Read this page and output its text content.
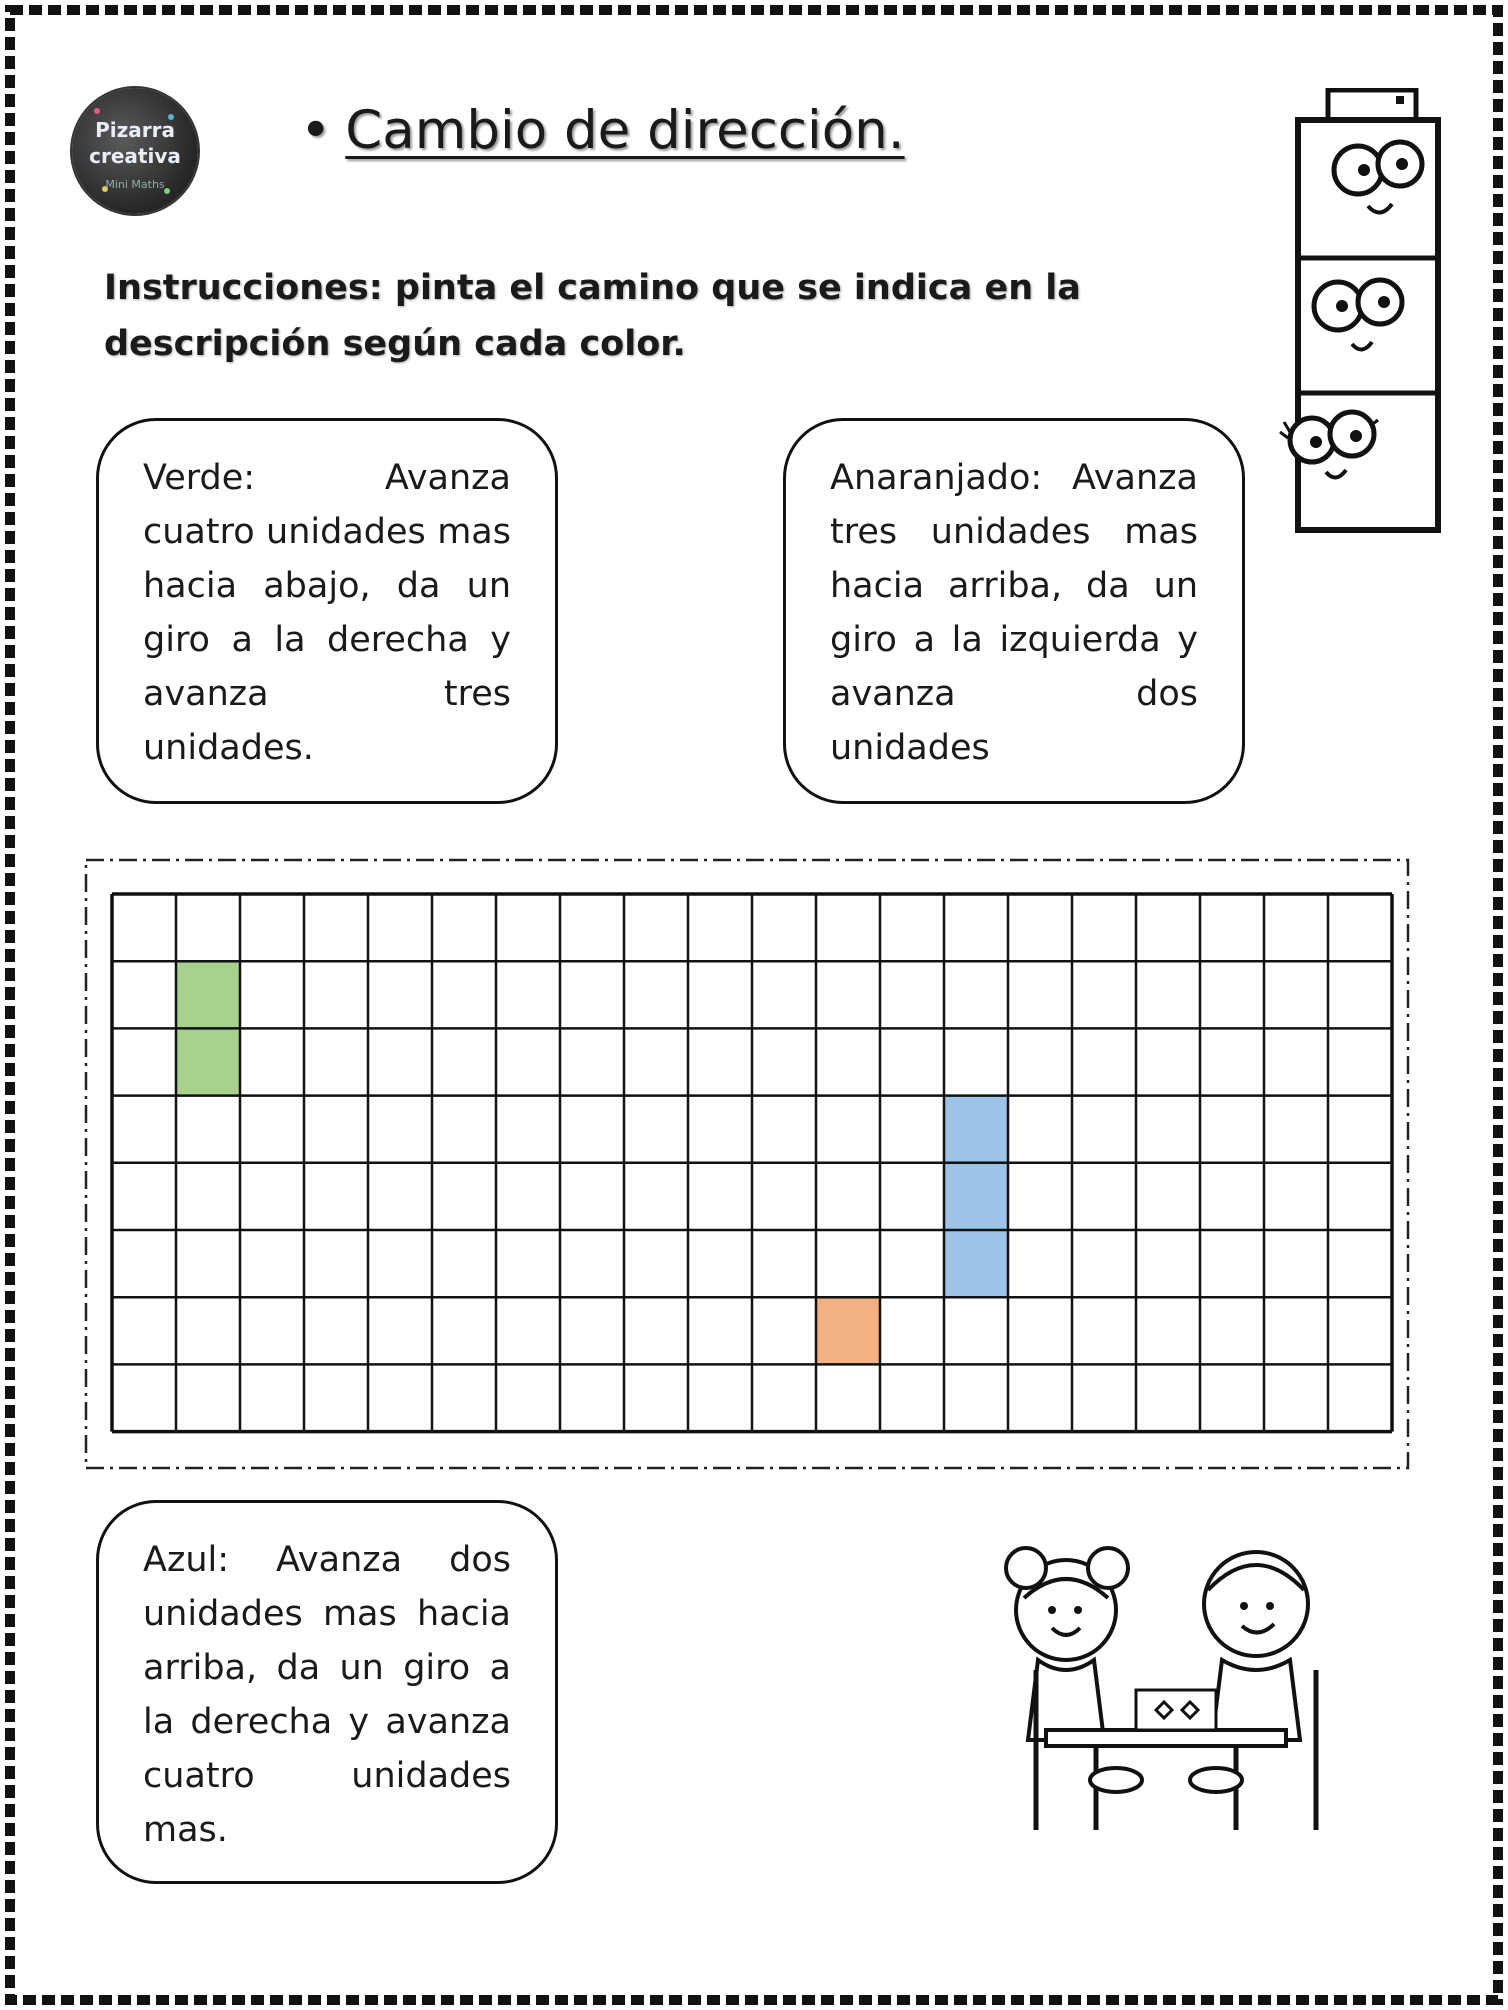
Pizarra
creativa
Mini Maths
• Cambio de dirección.
Instrucciones: pinta el camino que se indica en la descripción según cada color.

Verde: Avanza cuatro unidades mas hacia abajo, da un giro a la derecha y avanza tres unidades.

Anaranjado: Avanza tres unidades mas hacia arriba, da un giro a la izquierda y avanza dos unidades

Azul: Avanza dos unidades mas hacia arriba, da un giro a la derecha y avanza cuatro unidades mas.
